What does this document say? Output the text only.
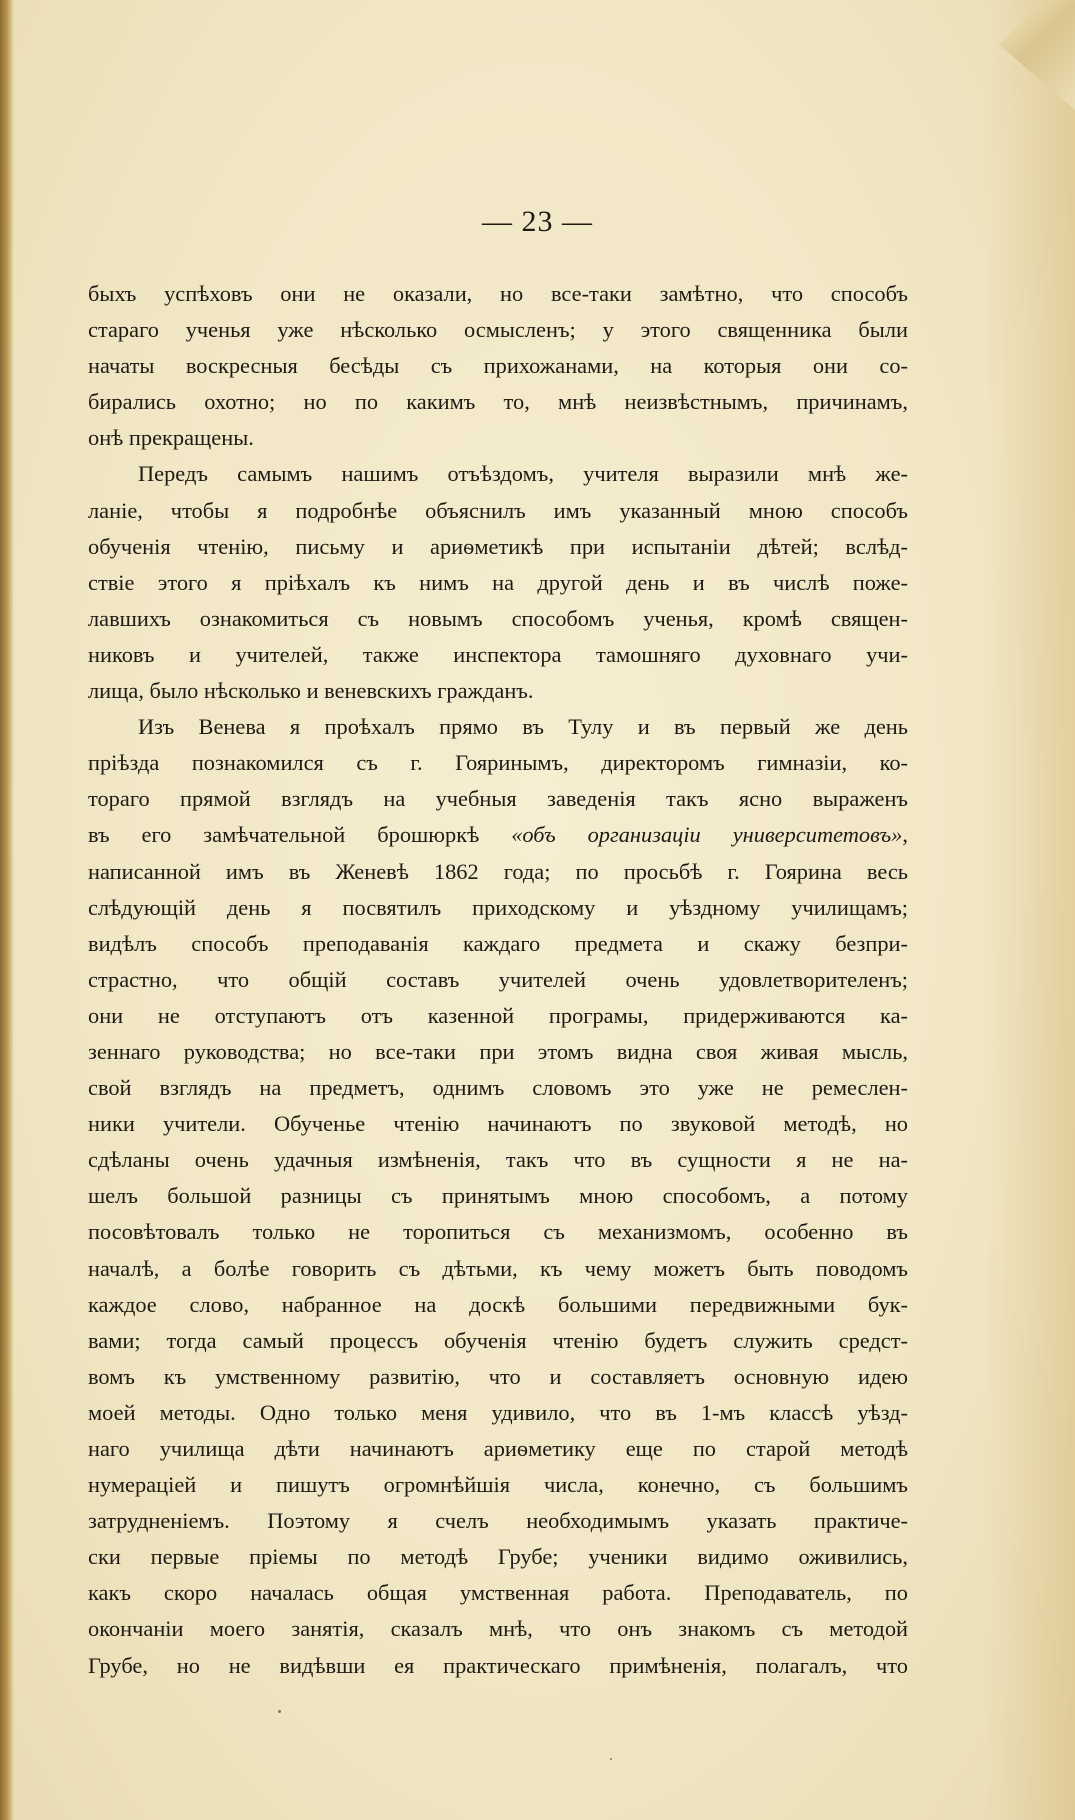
— 23 —
быхъ успѣховъ они не оказали, но все-таки замѣтно, что способъ
стараго ученья уже нѣсколько осмысленъ; у этого священника были
начаты воскресныя бесѣды съ прихожанами, на которыя они со-
бирались охотно; но по какимъ то, мнѣ неизвѣстнымъ, причинамъ,
онѣ прекращены.
Передъ самымъ нашимъ отъѣздомъ, учителя выразили мнѣ же-
ланіе, чтобы я подробнѣе объяснилъ имъ указанный мною способъ
обученія чтенію, письму и ариѳметикѣ при испытаніи дѣтей; вслѣд-
ствіе этого я пріѣхалъ къ нимъ на другой день и въ числѣ поже-
лавшихъ ознакомиться съ новымъ способомъ ученья, кромѣ священ-
никовъ и учителей, также инспектора тамошняго духовнаго учи-
лища, было нѣсколько и веневскихъ гражданъ.
Изъ Венева я проѣхалъ прямо въ Тулу и въ первый же день
пріѣзда познакомился съ г. Гояринымъ, директоромъ гимназіи, ко-
тораго прямой взглядъ на учебныя заведенія такъ ясно выраженъ
въ его замѣчательной брошюркѣ «объ организаціи университетовъ»,
написанной имъ въ Женевѣ 1862 года; по просьбѣ г. Гоярина весь
слѣдующій день я посвятилъ приходскому и уѣздному училищамъ;
видѣлъ способъ преподаванія каждаго предмета и скажу безпри-
страстно, что общій составъ учителей очень удовлетворителенъ;
они не отступаютъ отъ казенной програмы, придерживаются ка-
зеннаго руководства; но все-таки при этомъ видна своя живая мысль,
свой взглядъ на предметъ, однимъ словомъ это уже не ремеслен-
ники учители. Обученье чтенію начинаютъ по звуковой методѣ, но
сдѣланы очень удачныя измѣненія, такъ что въ сущности я не на-
шелъ большой разницы съ принятымъ мною способомъ, а потому
посовѣтовалъ только не торопиться съ механизмомъ, особенно въ
началѣ, а болѣе говорить съ дѣтьми, къ чему можетъ быть поводомъ
каждое слово, набранное на доскѣ большими передвижными бук-
вами; тогда самый процессъ обученія чтенію будетъ служить средст-
вомъ къ умственному развитію, что и составляетъ основную идею
моей методы. Одно только меня удивило, что въ 1-мъ классѣ уѣзд-
наго училища дѣти начинаютъ ариѳметику еще по старой методѣ
нумераціей и пишутъ огромнѣйшія числа, конечно, съ большимъ
затрудненіемъ. Поэтому я счелъ необходимымъ указать практиче-
ски первые пріемы по методѣ Грубе; ученики видимо оживились,
какъ скоро началась общая умственная работа. Преподаватель, по
окончаніи моего занятія, сказалъ мнѣ, что онъ знакомъ съ методой
Грубе, но не видѣвши ея практическаго примѣненія, полагалъ, что
